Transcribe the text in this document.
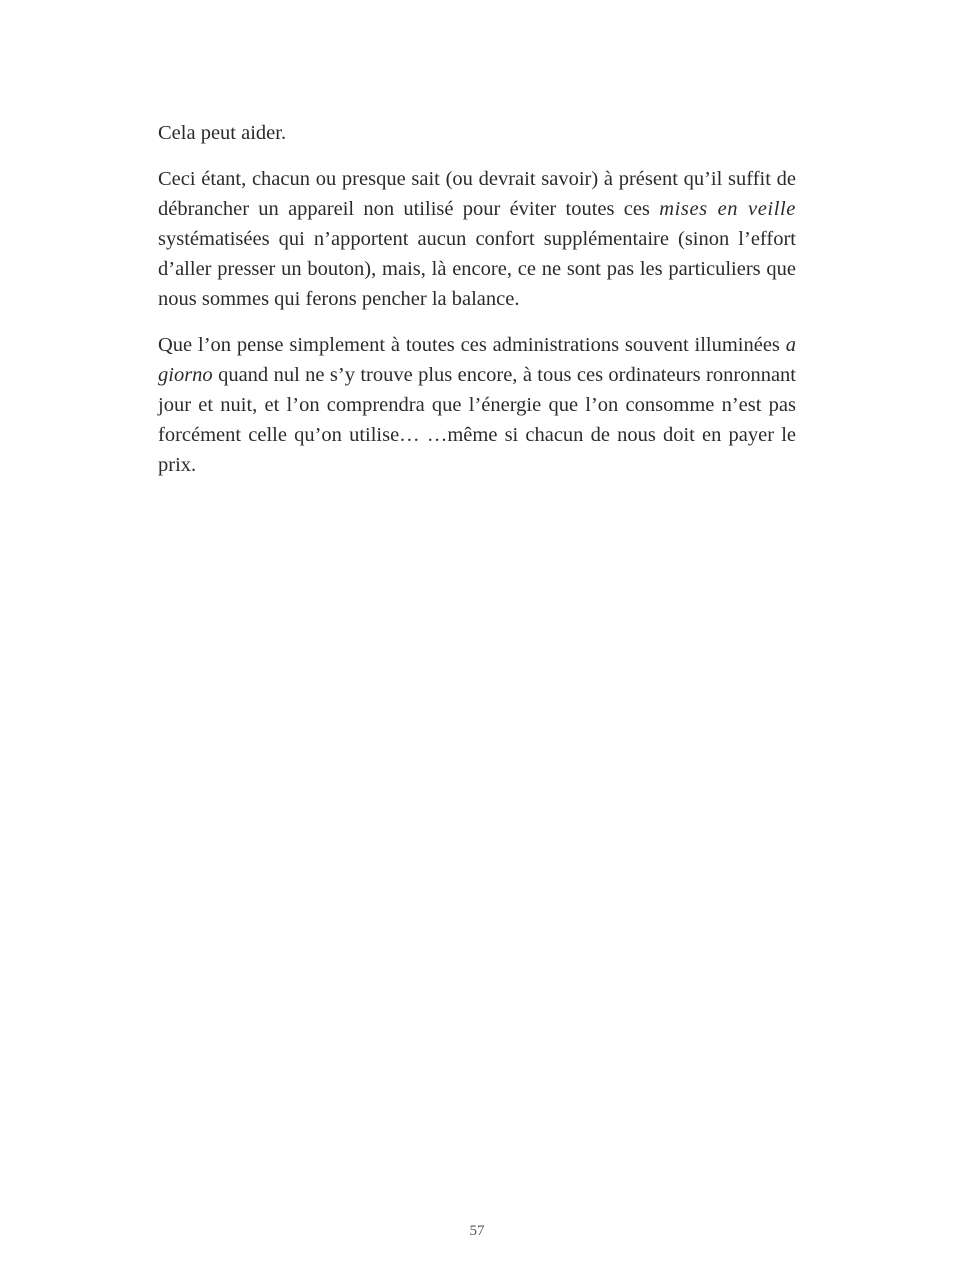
Cela peut aider.

Ceci étant, chacun ou presque sait (ou devrait savoir) à présent qu’il suffit de débrancher un appareil non utilisé pour éviter toutes ces mises en veille systématisées qui n’apportent aucun confort supplémentaire (sinon l’effort d’aller presser un bouton), mais, là encore, ce ne sont pas les particuliers que nous sommes qui ferons pencher la balance.

Que l’on pense simplement à toutes ces administrations souvent illuminées a giorno quand nul ne s’y trouve plus encore, à tous ces ordinateurs ronronnant jour et nuit, et l’on comprendra que l’énergie que l’on consomme n’est pas forcément celle qu’on utilise… …même si chacun de nous doit en payer le prix.

57
